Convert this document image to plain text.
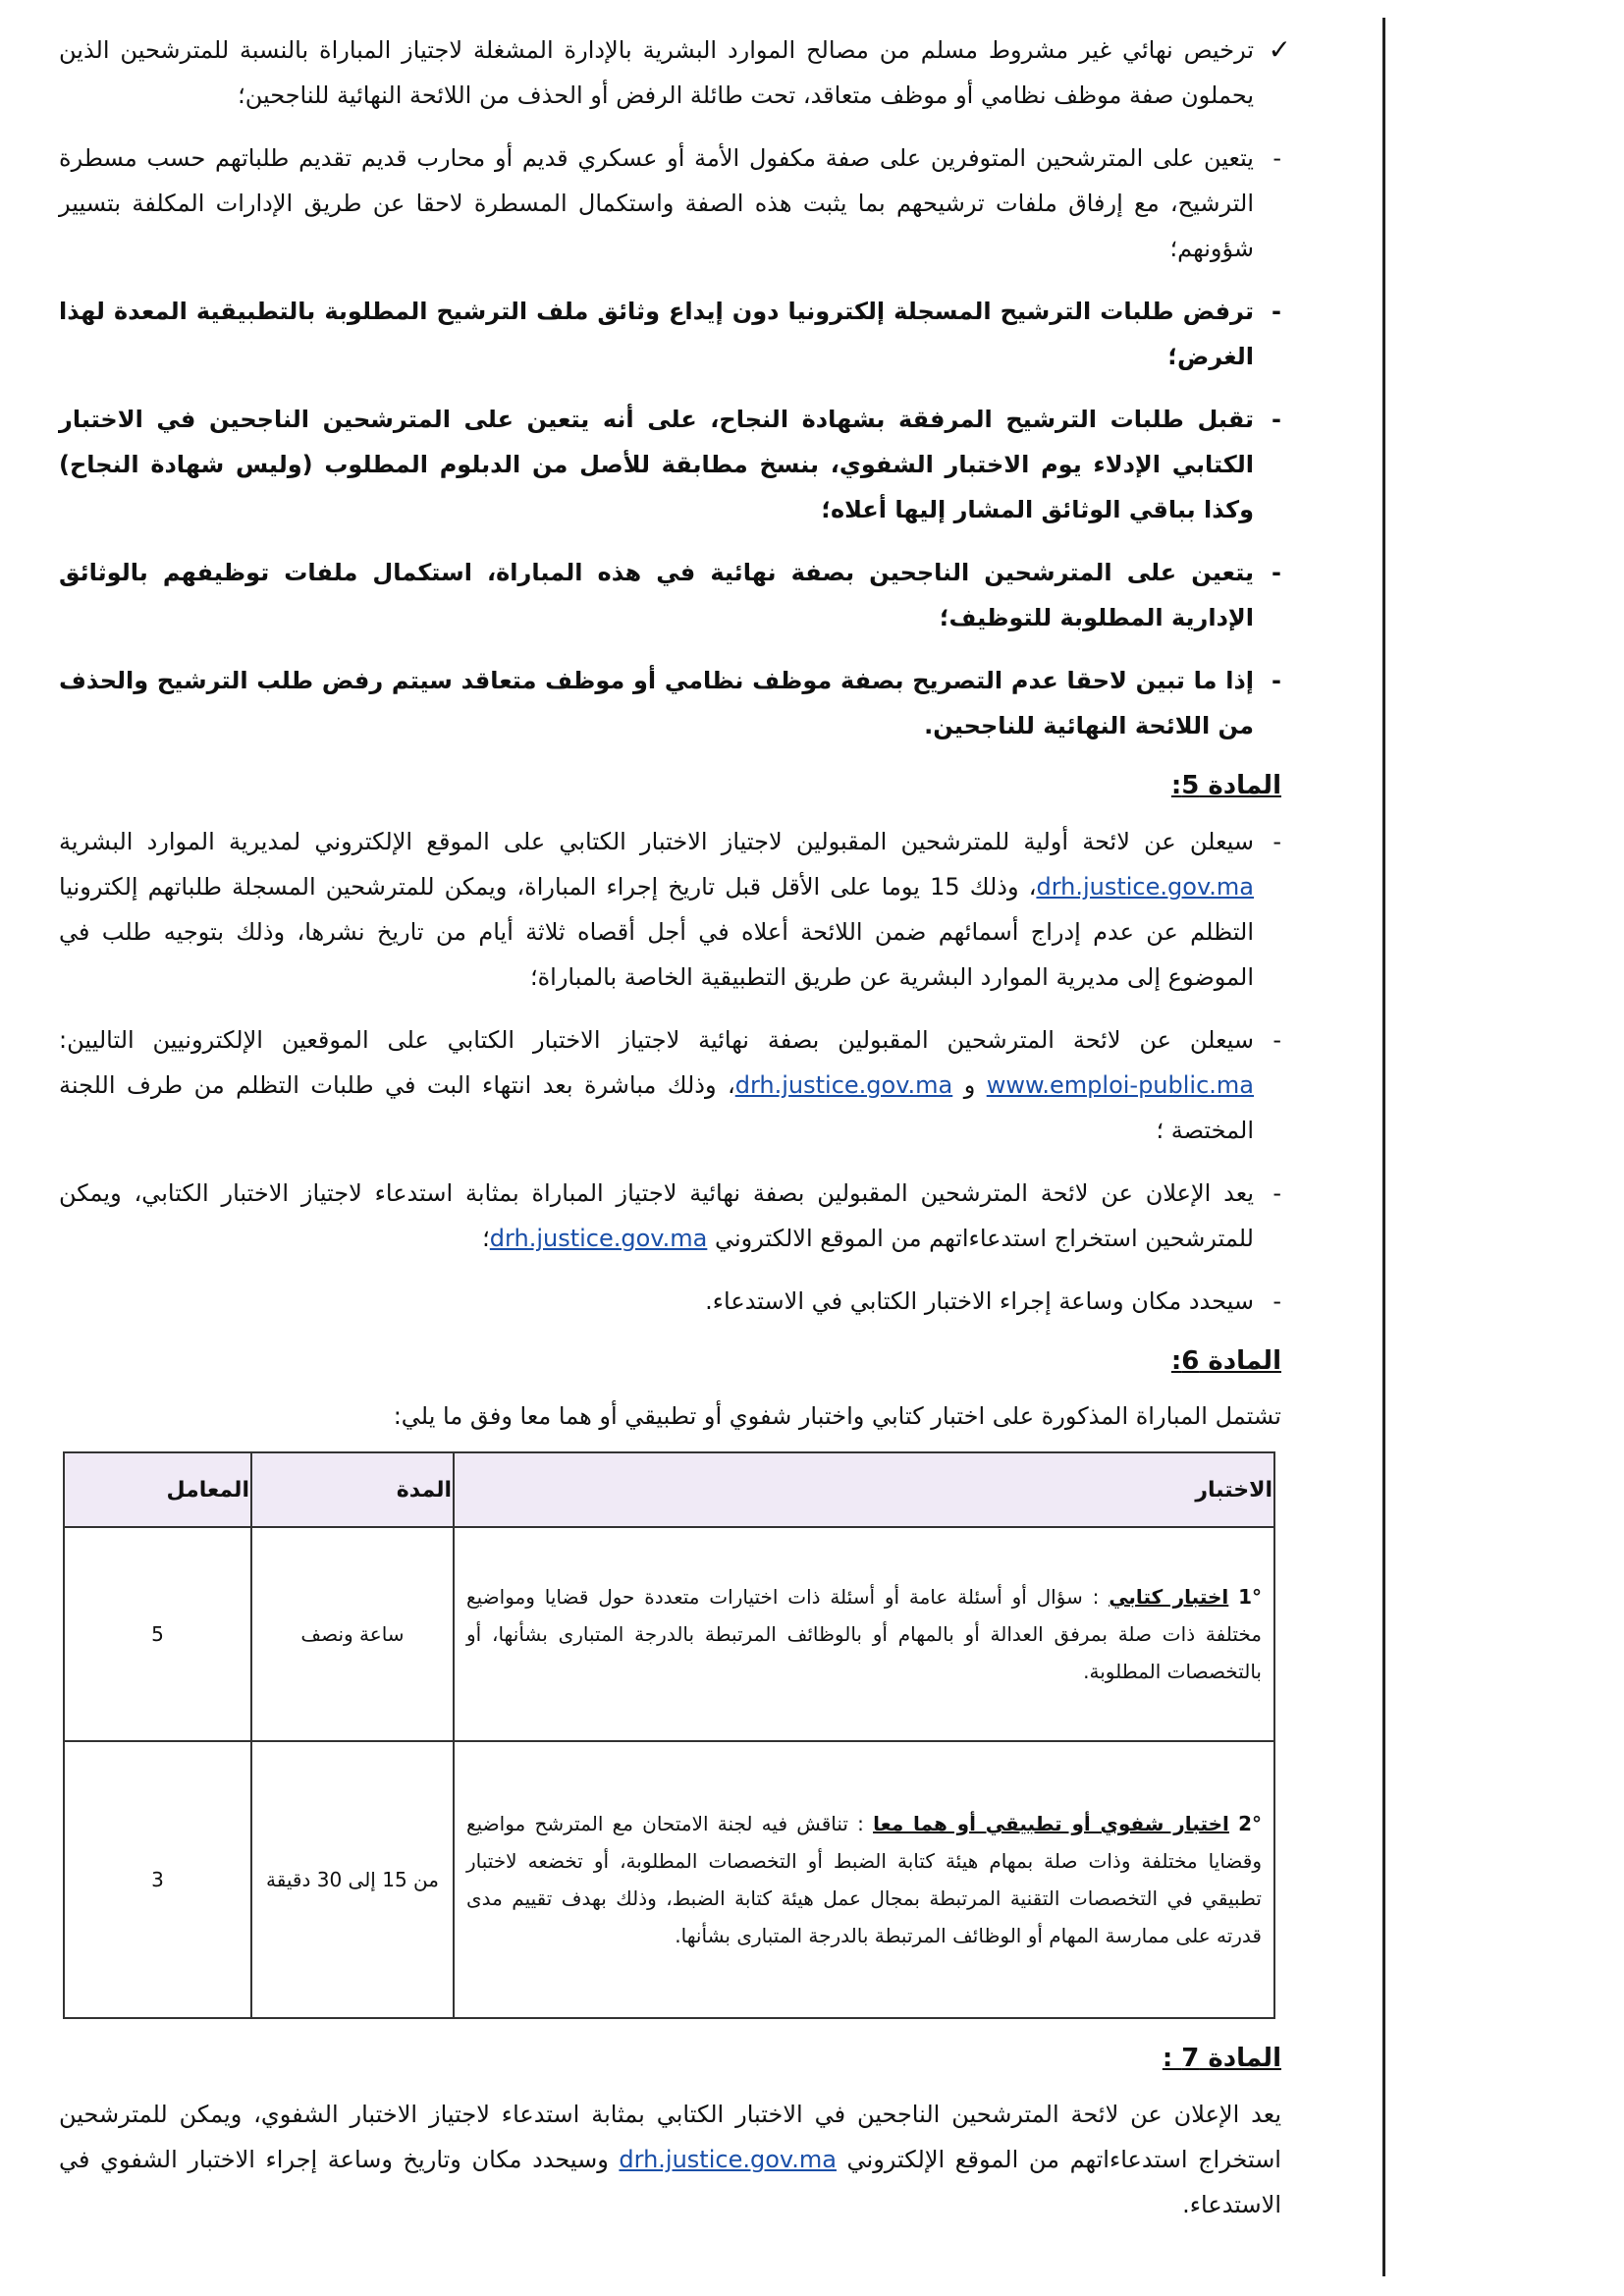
✓
ترخيص نهائي غير مشروط مسلم من مصالح الموارد البشرية بالإدارة المشغلة لاجتياز المباراة بالنسبة للمترشحين الذين يحملون صفة موظف نظامي أو موظف متعاقد، تحت طائلة الرفض أو الحذف من اللائحة النهائية للناجحين؛

-
يتعين على المترشحين المتوفرين على صفة مكفول الأمة أو عسكري قديم أو محارب قديم تقديم طلباتهم حسب مسطرة الترشيح، مع إرفاق ملفات ترشيحهم بما يثبت هذه الصفة واستكمال المسطرة لاحقا عن طريق الإدارات المكلفة بتسيير شؤونهم؛

-
ترفض طلبات الترشيح المسجلة إلكترونيا دون إيداع وثائق ملف الترشيح المطلوبة بالتطبيقية المعدة لهذا الغرض؛

-
تقبل طلبات الترشيح المرفقة بشهادة النجاح، على أنه يتعين على المترشحين الناجحين في الاختبار الكتابي الإدلاء يوم الاختبار الشفوي، بنسخ مطابقة للأصل من الدبلوم المطلوب (وليس شهادة النجاح) وكذا بباقي الوثائق المشار إليها أعلاه؛

-
يتعين على المترشحين الناجحين بصفة نهائية في هذه المباراة، استكمال ملفات توظيفهم بالوثائق الإدارية المطلوبة للتوظيف؛

-
إذا ما تبين لاحقا عدم التصريح بصفة موظف نظامي أو موظف متعاقد سيتم رفض طلب الترشيح والحذف من اللائحة النهائية للناجحين.

المادة 5:

-
سيعلن عن لائحة أولية للمترشحين المقبولين لاجتياز الاختبار الكتابي على الموقع الإلكتروني لمديرية الموارد البشرية drh.justice.gov.ma، وذلك 15 يوما على الأقل قبل تاريخ إجراء المباراة، ويمكن للمترشحين المسجلة طلباتهم إلكترونيا التظلم عن عدم إدراج أسمائهم ضمن اللائحة أعلاه في أجل أقصاه ثلاثة أيام من تاريخ نشرها، وذلك بتوجيه طلب في الموضوع إلى مديرية الموارد البشرية عن طريق التطبيقية الخاصة بالمباراة؛

-
سيعلن عن لائحة المترشحين المقبولين بصفة نهائية لاجتياز الاختبار الكتابي على الموقعين الإلكترونيين التاليين: www.emploi-public.ma و drh.justice.gov.ma، وذلك مباشرة بعد انتهاء البت في طلبات التظلم من طرف اللجنة المختصة ؛

-
يعد الإعلان عن لائحة المترشحين المقبولين بصفة نهائية لاجتياز المباراة بمثابة استدعاء لاجتياز الاختبار الكتابي، ويمكن للمترشحين استخراج استدعاءاتهم من الموقع الالكتروني drh.justice.gov.ma؛

-
سيحدد مكان وساعة إجراء الاختبار الكتابي في الاستدعاء.

المادة 6:

تشتمل المباراة المذكورة على اختبار كتابي واختبار شفوي أو تطبيقي أو هما معا وفق ما يلي:

الاختبار	المدة	المعامل
1° اختبار كتابي : سؤال أو أسئلة عامة أو أسئلة ذات اختيارات متعددة حول قضايا ومواضيع مختلفة ذات صلة بمرفق العدالة أو بالمهام أو بالوظائف المرتبطة بالدرجة المتبارى بشأنها، أو بالتخصصات المطلوبة.	ساعة ونصف	5
2° اختبار شفوي أو تطبيقي أو هما معا : تناقش فيه لجنة الامتحان مع المترشح مواضيع وقضايا مختلفة وذات صلة بمهام هيئة كتابة الضبط أو التخصصات المطلوبة، أو تخضعه لاختبار تطبيقي في التخصصات التقنية المرتبطة بمجال عمل هيئة كتابة الضبط، وذلك بهدف تقييم مدى قدرته على ممارسة المهام أو الوظائف المرتبطة بالدرجة المتبارى بشأنها.	من 15 إلى 30 دقيقة	3
المادة 7 :

يعد الإعلان عن لائحة المترشحين الناجحين في الاختبار الكتابي بمثابة استدعاء لاجتياز الاختبار الشفوي، ويمكن للمترشحين استخراج استدعاءاتهم من الموقع الإلكتروني drh.justice.gov.ma وسيحدد مكان وتاريخ وساعة إجراء الاختبار الشفوي في الاستدعاء.
